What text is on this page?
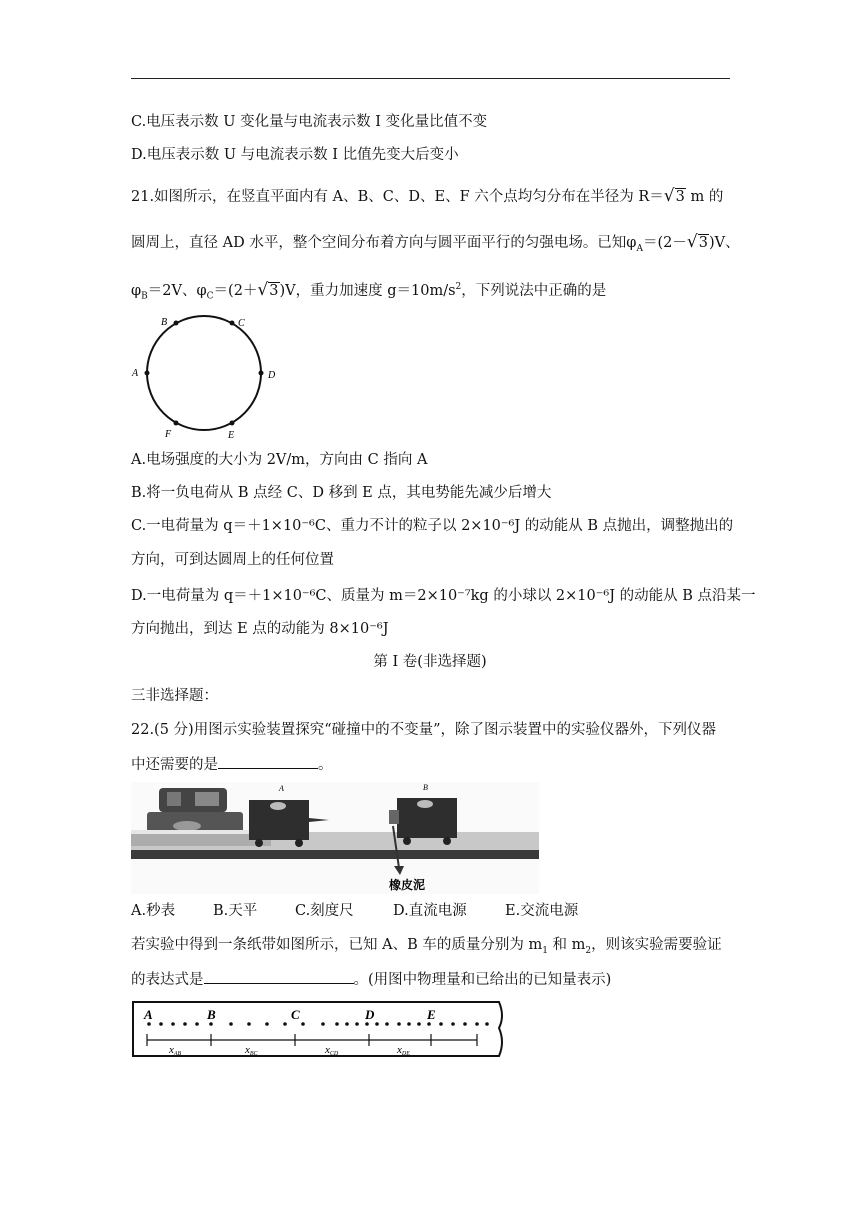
C.电压表示数 U 变化量与电流表示数 I 变化量比值不变
D.电压表示数 U 与电流表示数 I 比值先变大后变小
21.如图所示，在竖直平面内有 A、B、C、D、E、F 六个点均匀分布在半径为 R＝√3 m 的
圆周上，直径 AD 水平，整个空间分布着方向与圆平面平行的匀强电场。已知$\varphi_A=(2-√3)V$、
$\varphi_B=2V$、$\varphi_C=(2+√3)V$，重力加速度 $g=10m/s^2$，下列说法中正确的是
B	C
A	D
F	E
A.电场强度的大小为 2V/m，方向由 C 指向 A
B.将一负电荷从 B 点经 C、D 移到 E 点，其电势能先减少后增大
C.一电荷量为 q＝＋1×10⁻⁶C、重力不计的粒子以 2×10⁻⁶J 的动能从 B 点抛出，调整抛出的
方向，可到达圆周上的任何位置
D.一电荷量为 q＝＋1×10⁻⁶C、质量为 m＝2×10⁻⁷kg 的小球以 2×10⁻⁶J 的动能从 B 点沿某一
方向抛出，到达 E 点的动能为 8×10⁻⁶J
第 I 卷(非选择题)
三非选择题：
22.(5 分)用图示实验装置探究“碰撞中的不变量”，除了图示装置中的实验仪器外，下列仪器
中还需要的是	。
A	B
橡皮泥
A.秒表	B.天平	C.刻度尺	D.直流电源	E.交流电源
若实验中得到一条纸带如图所示，已知 A、B 车的质量分别为 $m_1$ 和 $m_2$，则该实验需要验证
的表达式是	。(用图中物理量和已给出的已知量表示)
A	B	C	D	E
xAB	xBC	xCD	xDE
